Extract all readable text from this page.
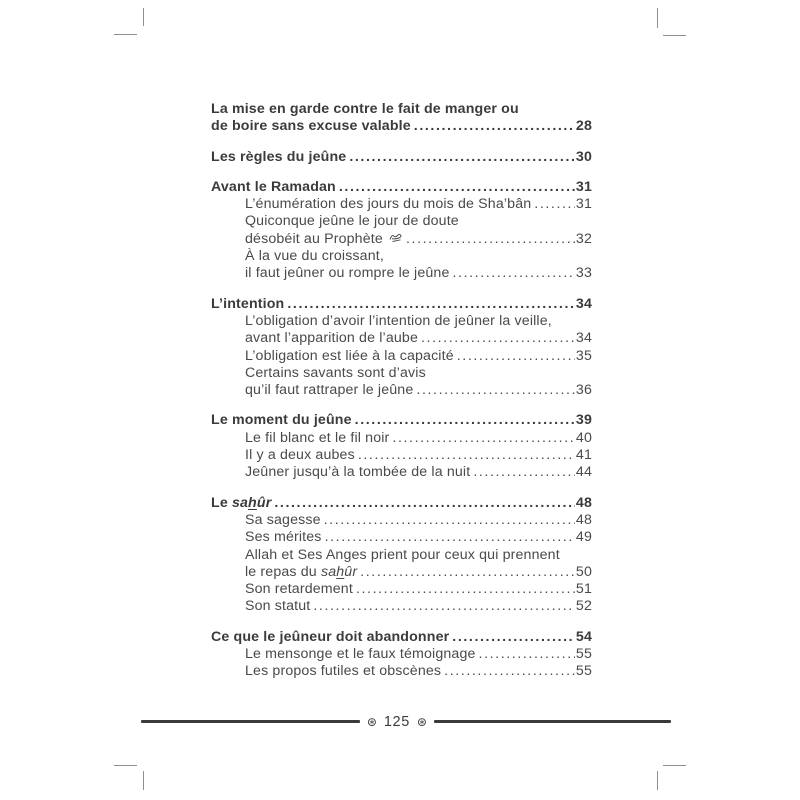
La mise en garde contre le fait de manger ou
de boire sans excuse valable .....	28
Les règles du jeûne .....	30
Avant le Ramadan .....	31
L’énumération des jours du mois de Sha’bân .....	31
Quiconque jeûne le jour de doute
désobéit au Prophète .....	32
À la vue du croissant,
il faut jeûner ou rompre le jeûne .....	33
L’intention .....	34
L’obligation d’avoir l’intention de jeûner la veille,
avant l’apparition de l’aube .....	34
L’obligation est liée à la capacité .....	35
Certains savants sont d’avis
qu’il faut rattraper le jeûne .....	36
Le moment du jeûne .....	39
Le fil blanc et le fil noir .....	40
Il y a deux aubes .....	41
Jeûner jusqu’à la tombée de la nuit .....	44
Le sahûr .....	48
Sa sagesse .....	48
Ses mérites .....	49
Allah et Ses Anges prient pour ceux qui prennent
le repas du sahûr .....	50
Son retardement .....	51
Son statut .....	52
Ce que le jeûneur doit abandonner .....	54
Le mensonge et le faux témoignage .....	55
Les propos futiles et obscènes .....	55
⊛ 125 ⊛
